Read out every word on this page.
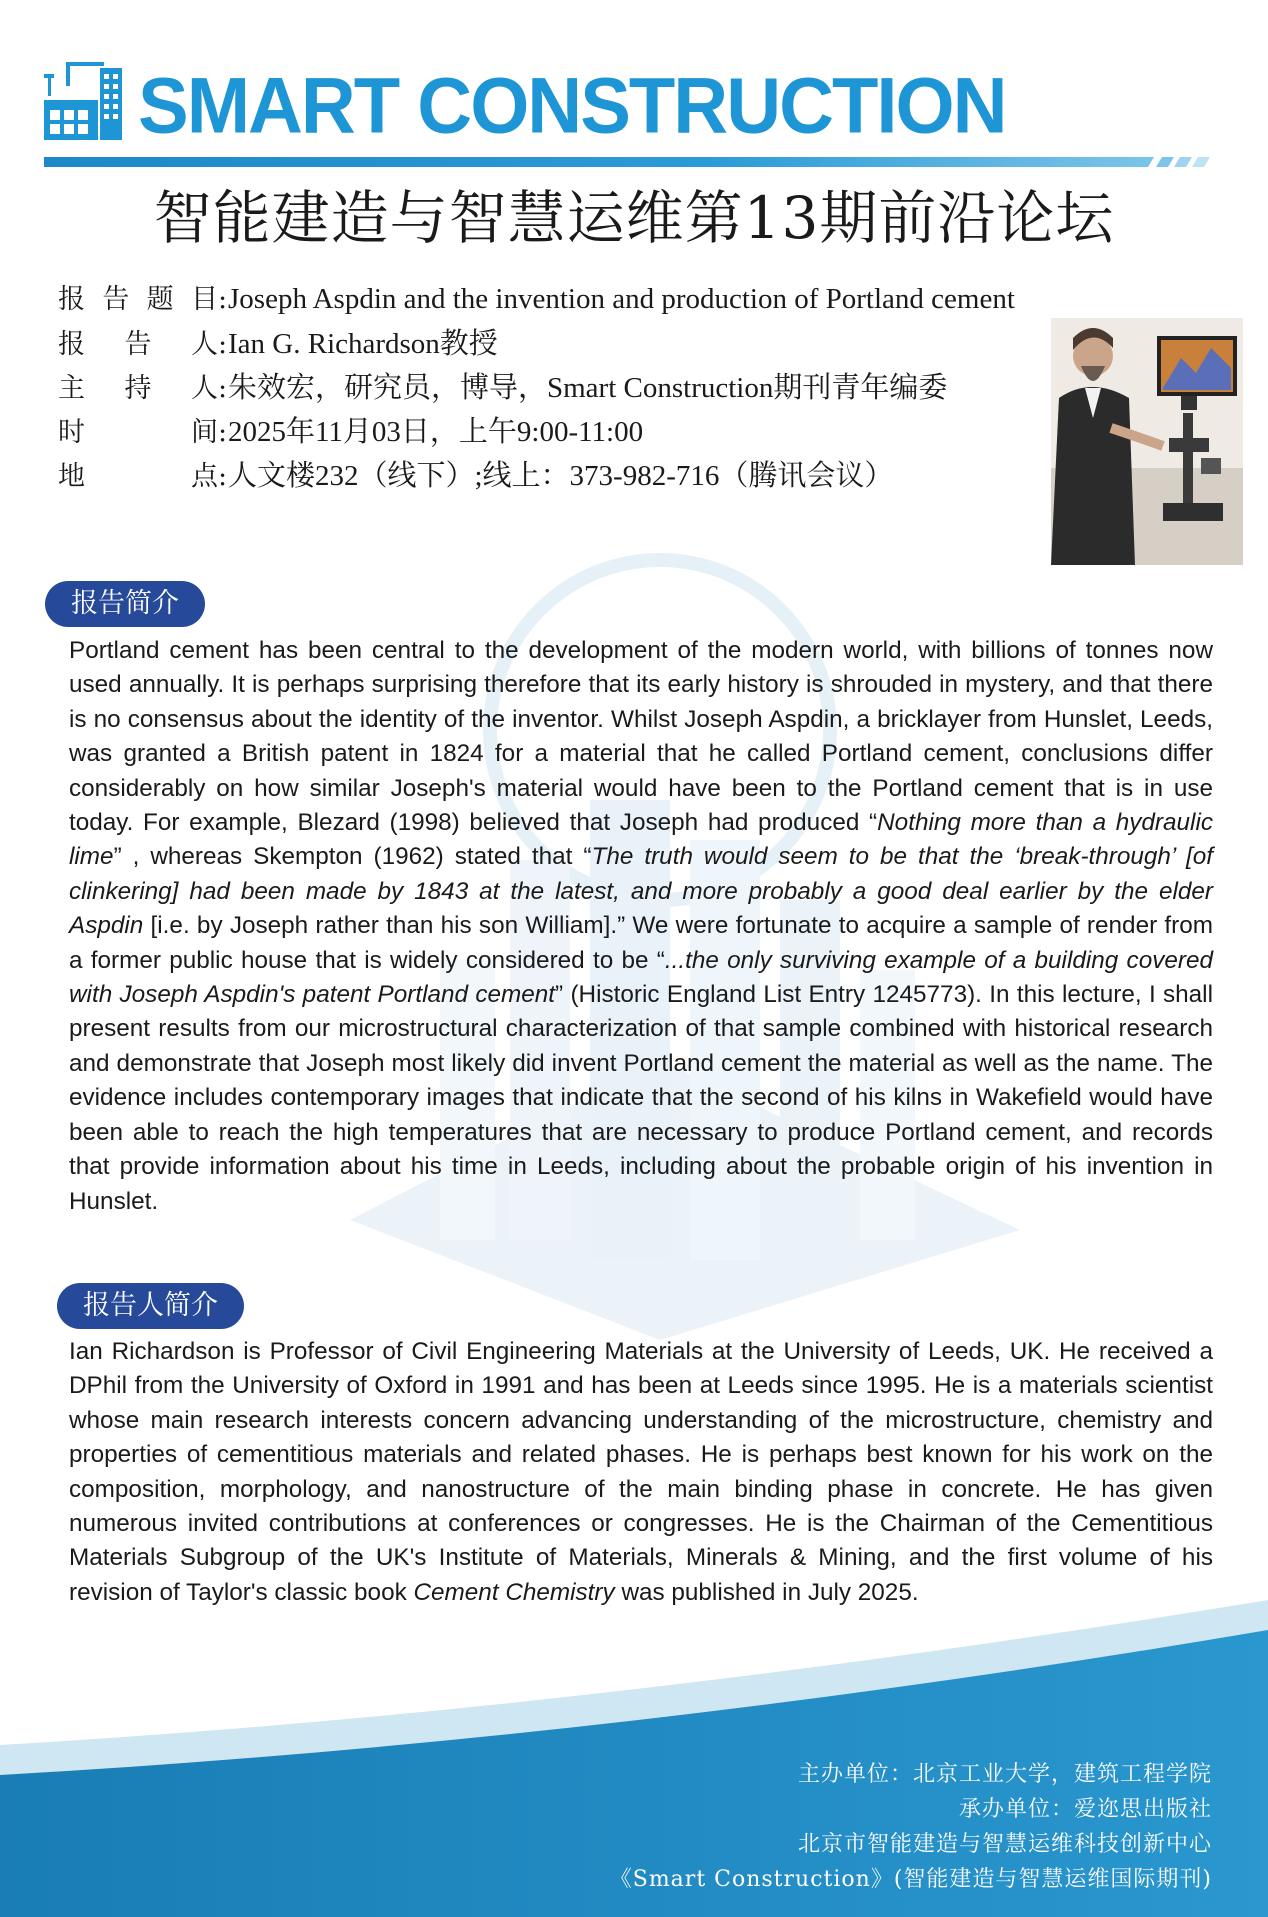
SMART CONSTRUCTION
智能建造与智慧运维第13期前沿论坛
报告题目 : Joseph Aspdin and the invention and production of Portland cement
报告人 : Ian G. Richardson教授
主持人 : 朱效宏，研究员，博导，Smart Construction期刊青年编委
时间 : 2025年11月03日，上午9:00-11:00
地点 : 人文楼232（线下）;线上：373-982-716（腾讯会议）
报告简介

Portland cement has been central to the development of the modern world, with billions of tonnes now used annually. It is perhaps surprising therefore that its early history is shrouded in mystery, and that there is no consensus about the identity of the inventor. Whilst Joseph Aspdin, a bricklayer from Hunslet, Leeds, was granted a British patent in 1824 for a material that he called Portland cement, conclusions differ considerably on how similar Joseph's material would have been to the Portland cement that is in use today. For example, Blezard (1998) believed that Joseph had produced “Nothing more than a hydraulic lime” , whereas Skempton (1962) stated that “The truth would seem to be that the ‘break-through’ [of clinkering] had been made by 1843 at the latest, and more probably a good deal earlier by the elder Aspdin [i.e. by Joseph rather than his son William].” We were fortunate to acquire a sample of render from a former public house that is widely considered to be “...the only surviving example of a building covered with Joseph Aspdin's patent Portland cement” (Historic England List Entry 1245773). In this lecture, I shall present results from our microstructural characterization of that sample combined with historical research and demonstrate that Joseph most likely did invent Portland cement the material as well as the name. The evidence includes contemporary images that indicate that the second of his kilns in Wakefield would have been able to reach the high temperatures that are necessary to produce Portland cement, and records that provide information about his time in Leeds, including about the probable origin of his invention in Hunslet.

报告人简介

Ian Richardson is Professor of Civil Engineering Materials at the University of Leeds, UK. He received a DPhil from the University of Oxford in 1991 and has been at Leeds since 1995. He is a materials scientist whose main research interests concern advancing understanding of the microstructure, chemistry and properties of cementitious materials and related phases. He is perhaps best known for his work on the composition, morphology, and nanostructure of the main binding phase in concrete. He has given numerous invited contributions at conferences or congresses. He is the Chairman of the Cementitious Materials Subgroup of the UK's Institute of Materials, Minerals & Mining, and the first volume of his revision of Taylor's classic book Cement Chemistry was published in July 2025.

主办单位：北京工业大学，建筑工程学院
承办单位：爱迩思出版社
北京市智能建造与智慧运维科技创新中心
《Smart Construction》(智能建造与智慧运维国际期刊)
